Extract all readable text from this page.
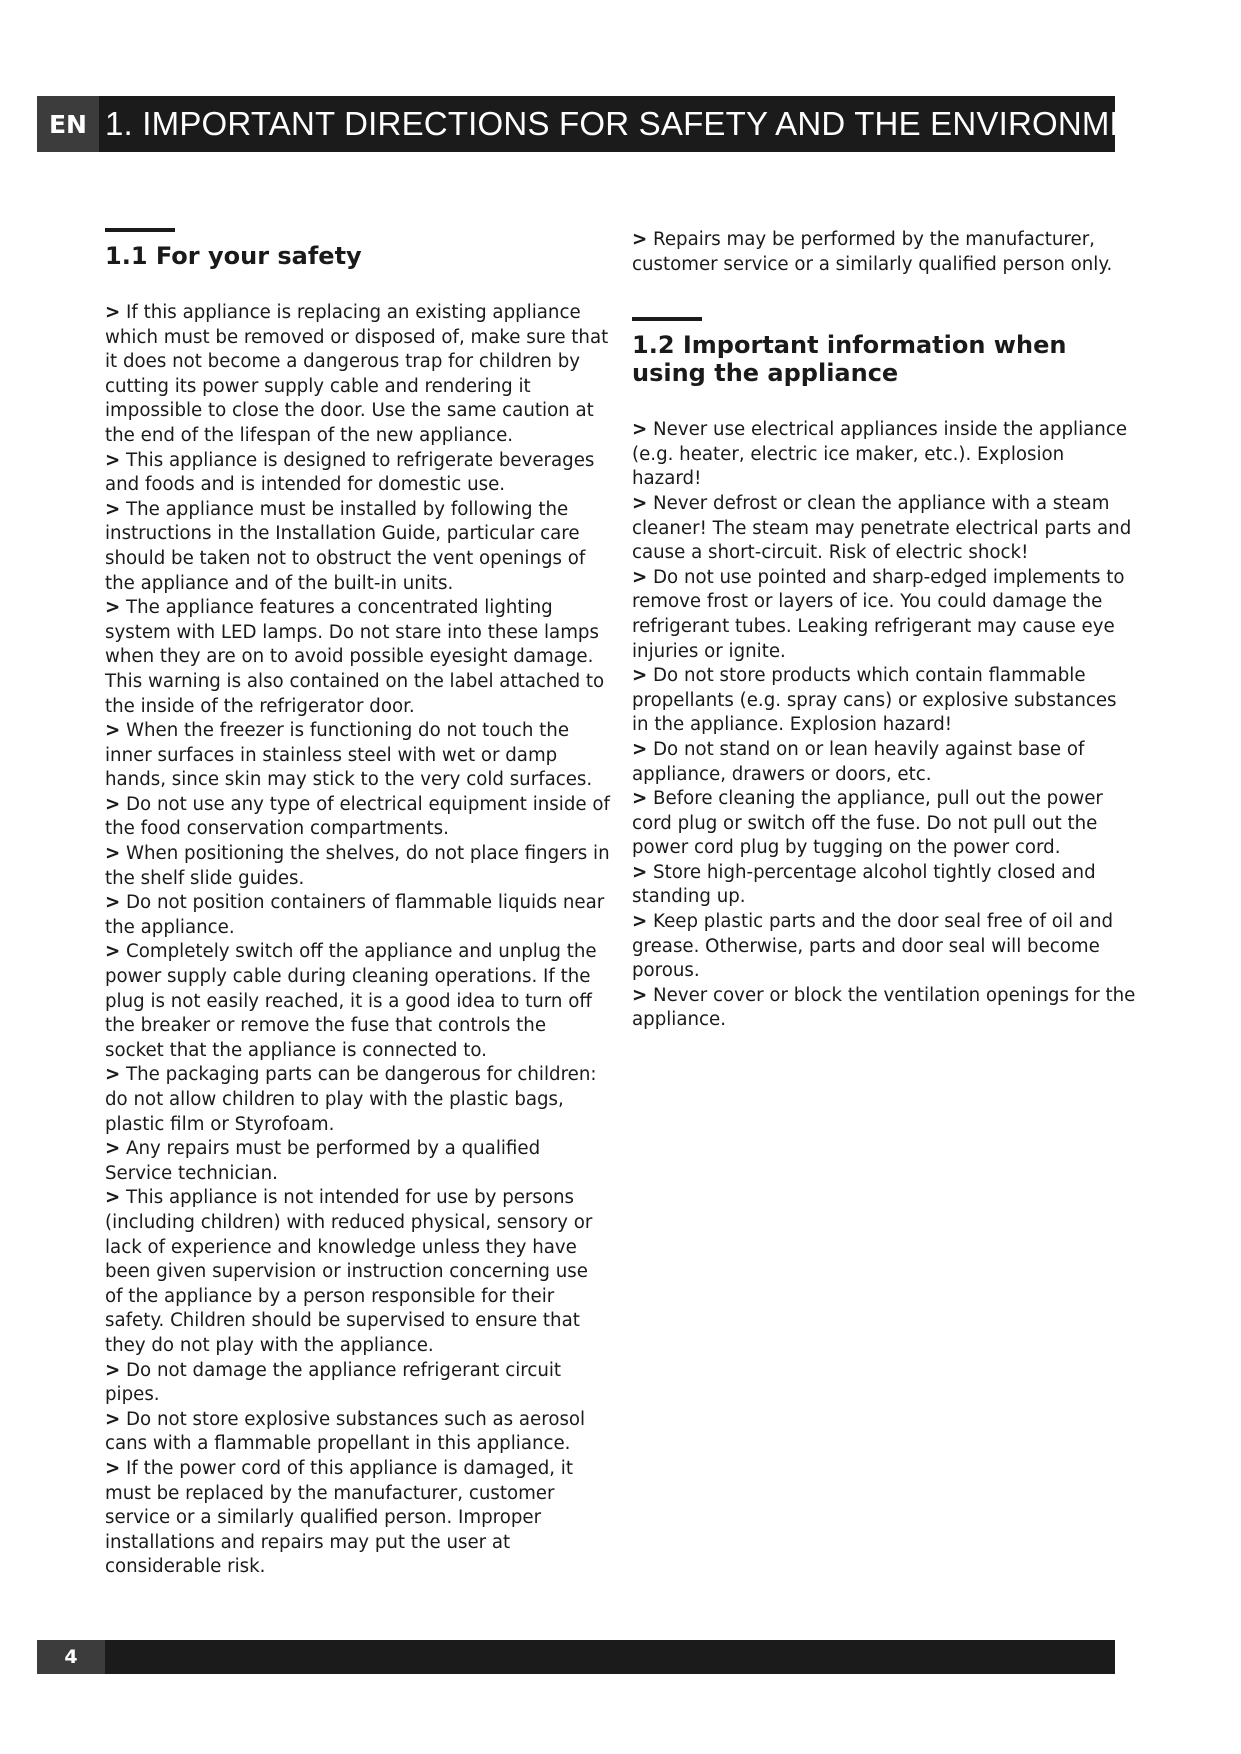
EN 1. IMPORTANT DIRECTIONS FOR SAFETY AND THE ENVIRONMENT
1.1 For your safety

> If this appliance is replacing an existing appliance which must be removed or disposed of, make sure that it does not become a dangerous trap for children by cutting its power supply cable and rendering it impossible to close the door. Use the same caution at the end of the lifespan of the new appliance.

> This appliance is designed to refrigerate beverages and foods and is intended for domestic use.

> The appliance must be installed by following the instructions in the Installation Guide, particular care should be taken not to obstruct the vent openings of the appliance and of the built-in units.

> The appliance features a concentrated lighting system with LED lamps. Do not stare into these lamps when they are on to avoid possible eyesight damage. This warning is also contained on the label attached to the inside of the refrigerator door.

> When the freezer is functioning do not touch the inner surfaces in stainless steel with wet or damp hands, since skin may stick to the very cold surfaces.

> Do not use any type of electrical equipment inside of the food conservation compartments.

> When positioning the shelves, do not place fingers in the shelf slide guides.

> Do not position containers of flammable liquids near the appliance.

> Completely switch off the appliance and unplug the power supply cable during cleaning operations. If the plug is not easily reached, it is a good idea to turn off the breaker or remove the fuse that controls the socket that the appliance is connected to.

> The packaging parts can be dangerous for children: do not allow children to play with the plastic bags, plastic film or Styrofoam.

> Any repairs must be performed by a qualified Service technician.

> This appliance is not intended for use by persons (including children) with reduced physical, sensory or lack of experience and knowledge unless they have been given supervision or instruction concerning use of the appliance by a person responsible for their safety. Children should be supervised to ensure that they do not play with the appliance.

> Do not damage the appliance refrigerant circuit pipes.

> Do not store explosive substances such as aerosol cans with a flammable propellant in this appliance.

> If the power cord of this appliance is damaged, it must be replaced by the manufacturer, customer service or a similarly qualified person. Improper installations and repairs may put the user at considerable risk.

> Repairs may be performed by the manufacturer, customer service or a similarly qualified person only.

1.2 Important information when using the appliance

> Never use electrical appliances inside the appliance (e.g. heater, electric ice maker, etc.). Explosion hazard!

> Never defrost or clean the appliance with a steam cleaner! The steam may penetrate electrical parts and cause a short-circuit. Risk of electric shock!

> Do not use pointed and sharp-edged implements to remove frost or layers of ice. You could damage the refrigerant tubes. Leaking refrigerant may cause eye injuries or ignite.

> Do not store products which contain flammable propellants (e.g. spray cans) or explosive substances in the appliance. Explosion hazard!

> Do not stand on or lean heavily against base of appliance, drawers or doors, etc.

> Before cleaning the appliance, pull out the power cord plug or switch off the fuse. Do not pull out the power cord plug by tugging on the power cord.

> Store high-percentage alcohol tightly closed and standing up.

> Keep plastic parts and the door seal free of oil and grease. Otherwise, parts and door seal will become porous.

> Never cover or block the ventilation openings for the appliance.

4
